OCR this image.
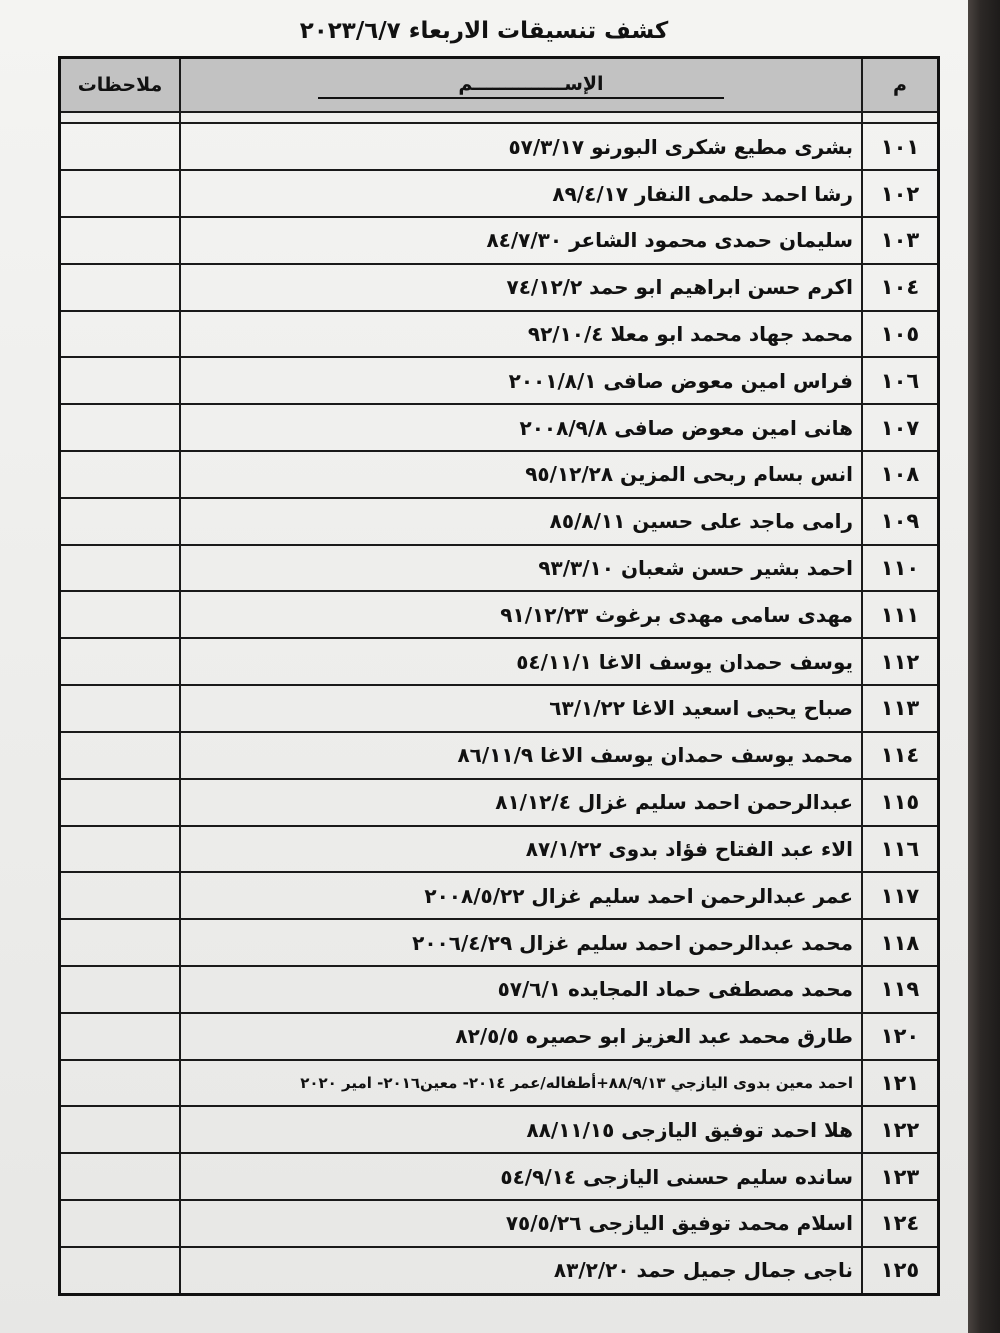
كشف تنسيقات الاربعاء ٢٠٢٣/٦/٧
م	الإســــــــــــــم	ملاحظات

١٠١	بشرى مطيع شكرى البورنو ٥٧/٣/١٧	
١٠٢	رشا احمد حلمى النفار ٨٩/٤/١٧	
١٠٣	سليمان حمدى محمود الشاعر ٨٤/٧/٣٠	
١٠٤	اكرم حسن ابراهيم ابو حمد ٧٤/١٢/٢	
١٠٥	محمد جهاد محمد ابو معلا ٩٢/١٠/٤	
١٠٦	فراس امين معوض صافى ٢٠٠١/٨/١	
١٠٧	هانى امين معوض صافى ٢٠٠٨/٩/٨	
١٠٨	انس بسام ربحى المزين ٩٥/١٢/٢٨	
١٠٩	رامى ماجد على حسين ٨٥/٨/١١	
١١٠	احمد بشير حسن شعبان ٩٣/٣/١٠	
١١١	مهدى سامى مهدى برغوث ٩١/١٢/٢٣	
١١٢	يوسف حمدان يوسف الاغا ٥٤/١١/١	
١١٣	صباح يحيى اسعيد الاغا ٦٣/١/٢٢	
١١٤	محمد يوسف حمدان يوسف الاغا ٨٦/١١/٩	
١١٥	عبدالرحمن احمد سليم غزال ٨١/١٢/٤	
١١٦	الاء عبد الفتاح فؤاد بدوى ٨٧/١/٢٢	
١١٧	عمر عبدالرحمن احمد سليم غزال ٢٠٠٨/٥/٢٢	
١١٨	محمد عبدالرحمن احمد سليم غزال ٢٠٠٦/٤/٢٩	
١١٩	محمد مصطفى حماد المجايده ٥٧/٦/١	
١٢٠	طارق محمد عبد العزيز ابو حصيره ٨٢/٥/٥	
١٢١	احمد معين بدوى اليازجي ٨٨/٩/١٣+أطفاله/عمر ٢٠١٤- معين٢٠١٦- امير ٢٠٢٠	
١٢٢	هلا احمد توفيق اليازجى ٨٨/١١/١٥	
١٢٣	سانده سليم حسنى اليازجى ٥٤/٩/١٤	
١٢٤	اسلام محمد توفيق اليازجى ٧٥/٥/٢٦	
١٢٥	ناجى جمال جميل حمد ٨٣/٢/٢٠	
